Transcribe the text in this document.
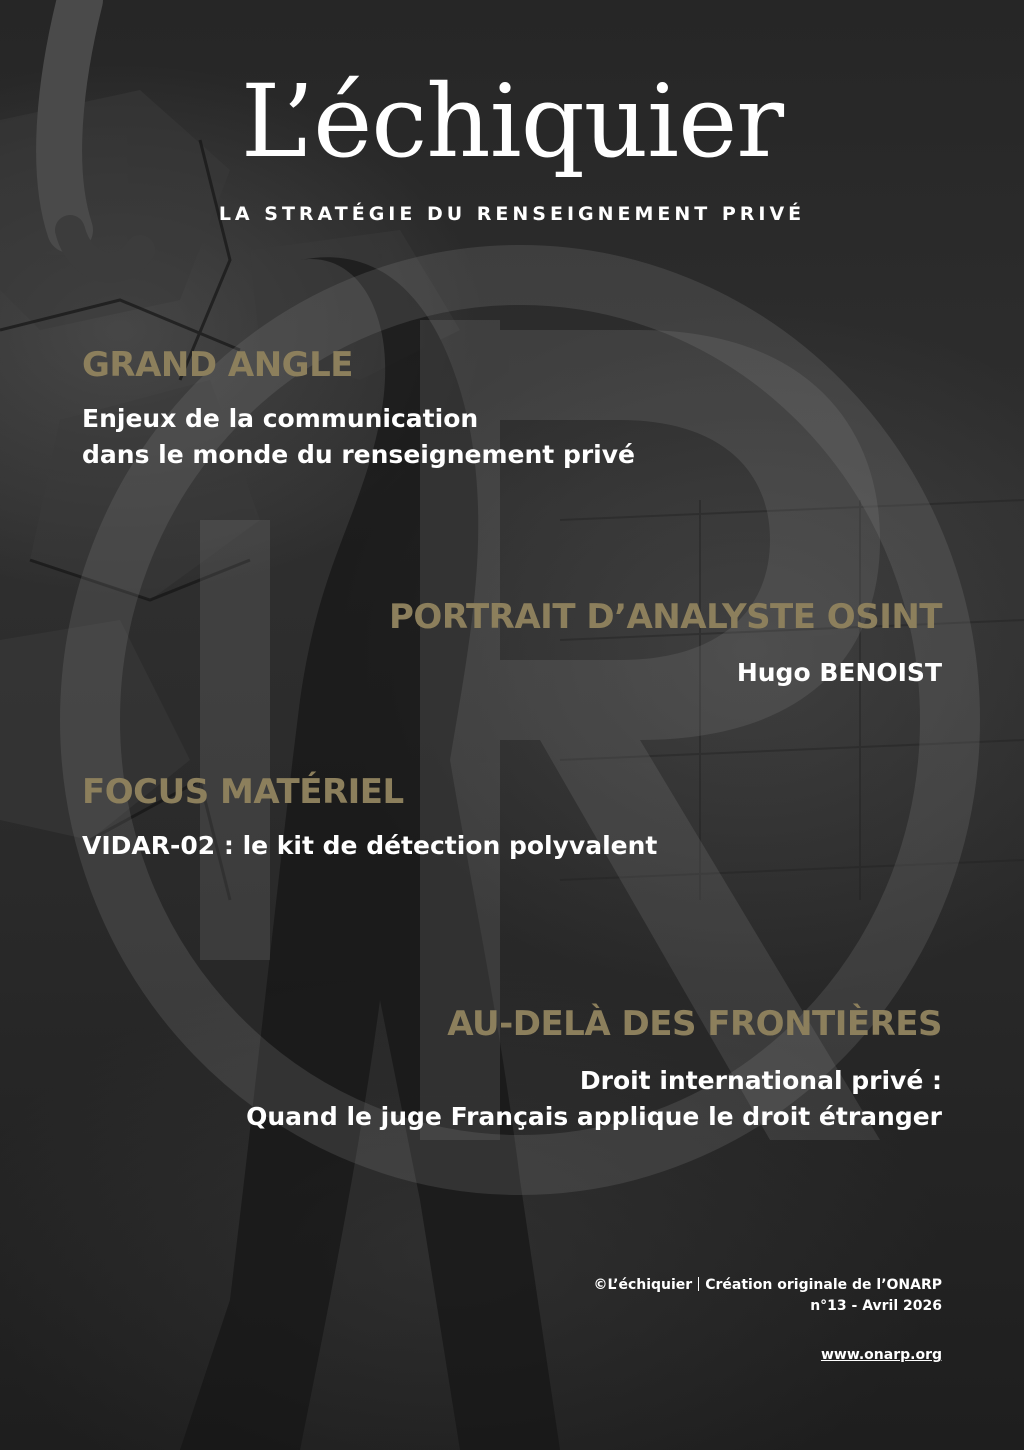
L’échiquier
LA STRATÉGIE DU RENSEIGNEMENT PRIVÉ
GRAND ANGLE
Enjeux de la communication
dans le monde du renseignement privé
PORTRAIT D’ANALYSTE OSINT
Hugo BENOIST
FOCUS MATÉRIEL
VIDAR-02 : le kit de détection polyvalent
AU-DELÀ DES FRONTIÈRES
Droit international privé :
Quand le juge Français applique le droit étranger
©L’échiquier Création originale de l’ONARP
n°13 - Avril 2026
www.onarp.org
